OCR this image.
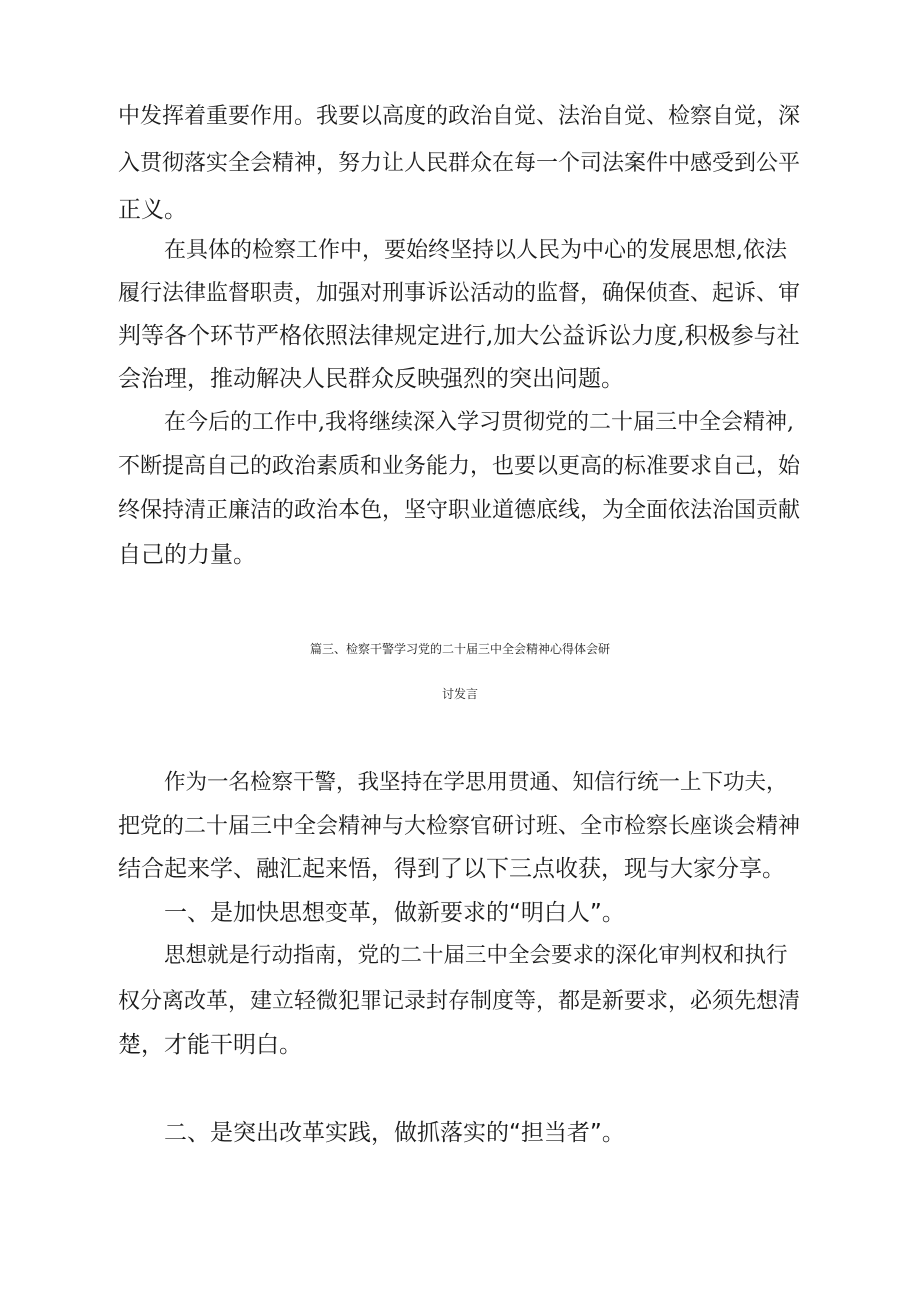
中发挥着重要作用。我要以高度的政治自觉、法治自觉、检察自觉，深

入贯彻落实全会精神，努力让人民群众在每一个司法案件中感受到公平

正义。

在具体的检察工作中，要始终坚持以人民为中心的发展思想,依法

履行法律监督职责，加强对刑事诉讼活动的监督，确保侦查、起诉、审

判等各个环节严格依照法律规定进行,加大公益诉讼力度,积极参与社

会治理，推动解决人民群众反映强烈的突出问题。

在今后的工作中,我将继续深入学习贯彻党的二十届三中全会精神,

不断提高自己的政治素质和业务能力，也要以更高的标准要求自己，始

终保持清正廉洁的政治本色，坚守职业道德底线，为全面依法治国贡献

自己的力量。

篇三、检察干警学习党的二十届三中全会精神心得体会研

讨发言

作为一名检察干警，我坚持在学思用贯通、知信行统一上下功夫，

把党的二十届三中全会精神与大检察官研讨班、全市检察长座谈会精神

结合起来学、融汇起来悟，得到了以下三点收获，现与大家分享。

一、是加快思想变革，做新要求的“明白人”。

思想就是行动指南，党的二十届三中全会要求的深化审判权和执行

权分离改革，建立轻微犯罪记录封存制度等，都是新要求，必须先想清

楚，才能干明白。

二、是突出改革实践，做抓落实的“担当者”。
